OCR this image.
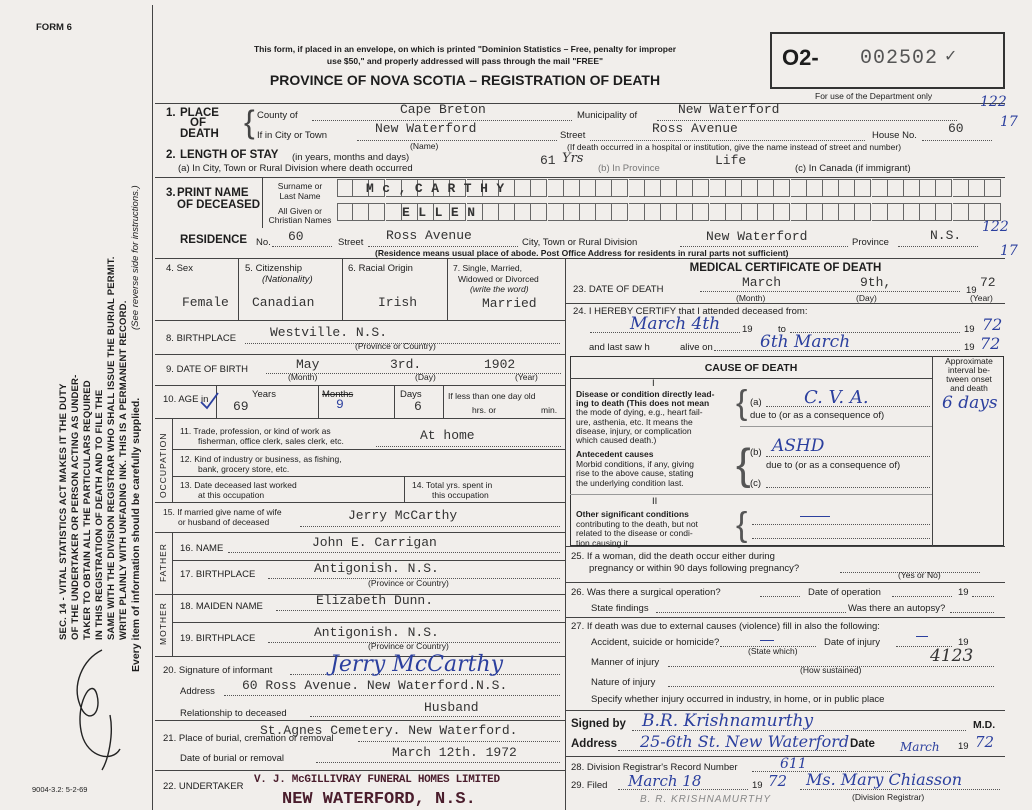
FORM 6
SEC. 14 - VITAL STATISTICS ACT MAKES IT THE DUTY OF THE UNDERTAKER OR PERSON ACTING AS UNDER- TAKER TO OBTAIN ALL THE PARTICULARS REQUIRED IN THIS REGISTRATION OF DEATH AND TO FILE THE SAME WITH THE DIVISION REGISTRAR WHO SHALL ISSUE THE BURIAL PERMIT. WRITE PLAINLY WITH UNFADING INK. THIS IS A PERMANENT RECORD. Every item of information should be carefully supplied.
(See reverse side for instructions.)
9004-3.2: 5-2-69
This form, if placed in an envelope, on which is printed "Dominion Statistics – Free, penalty for improper
use $50," and properly addressed will pass through the mail "FREE"
PROVINCE OF NOVA SCOTIA – REGISTRATION OF DEATH
O2- 002502 ✓
For use of the Department only
1. PLACE
OF
DEATH { County of	Cape Breton	Municipality of	New Waterford
If in City or Town	New Waterford	Street	Ross Avenue	House No. 60
(Name)	(If death occurred in a hospital or institution, give the name instead of street and number)
122
17
2. LENGTH OF STAY (in years, months and days)
(a) In City, Town or Rural Division where death occurred
61 Yrs
(b) In Province
Life
(c) In Canada (if immigrant)
3. PRINT NAME
OF DECEASED
Surname or
Last Name
All Given or
Christian Names
Mc,CARTHY
ELLEN
RESIDENCE No. 60	Street Ross Avenue	City, Town or Rural Division	New Waterford	Province	N.S.
122
17
(Residence means usual place of abode. Post Office Address for residents in rural parts not sufficient)
4. Sex
Female
5. Citizenship
(Nationality)
Canadian
6. Racial Origin
Irish
7. Single, Married,
Widowed or Divorced
(write the word)
Married
8. BIRTHPLACE	Westville. N.S.
(Province or Country)
9. DATE OF BIRTH	May	3rd.	1902
(Month)	(Day)	(Year)
10. AGE in	Years
69
Months
9
Days
6
If less than one day old
hrs. or	min.
OCCUPATION
11. Trade, profession, or kind of work as
fisherman, office clerk, sales clerk, etc.	At home
12. Kind of industry or business, as fishing,
bank, grocery store, etc.
13. Date deceased last worked
at this occupation
14. Total yrs. spent in
this occupation
15. If married give name of wife
or husband of deceased	Jerry McCarthy
FATHER 16. NAME	John E. Carrigan
17. BIRTHPLACE	Antigonish. N.S.
(Province or Country)
MOTHER 18. MAIDEN NAME	Elizabeth Dunn.
19. BIRTHPLACE	Antigonish. N.S.
(Province or Country)
20. Signature of informant	Jerry McCarthy
Address 60 Ross Avenue. New Waterford.N.S.
Relationship to deceased	Husband
21. Place of burial, cremation or removal
St.Agnes Cemetery. New Waterford.
Date of burial or removal	March 12th. 1972
22. UNDERTAKER
V. J. McGILLIVRAY FUNERAL HOMES LIMITED
NEW WATERFORD, N.S.
MEDICAL CERTIFICATE OF DEATH
23. DATE OF DEATH	March	9th,
19
72
(Month)	(Day)	(Year)
24. I HEREBY CERTIFY that I attended deceased from:
March 4th 19	to	19 72
and last saw h	alive on	6th March	19 72
CAUSE OF DEATH
Approximate
interval be-
tween onset
and death
I
Disease or condition directly lead-
ing to death (This does not mean
the mode of dying, e.g., heart fail-
ure, asthenia, etc. It means the
disease, injury, or complication
which caused death.)
{ (a) C. V. A.	6 days
due to (or as a consequence of)
Antecedent causes
Morbid conditions, if any, giving
rise to the above cause, stating
the underlying condition last. { (b) ASHD
due to (or as a consequence of)
(c)
II
Other significant conditions
contributing to the death, but not
related to the disease or condi-
tion causing it.	{
25. If a woman, did the death occur either during
pregnancy or within 90 days following pregnancy?
(Yes or No)
26. Was there a surgical operation?	Date of operation	19
State findings	Was there an autopsy?
27. If death was due to external causes (violence) fill in also the following:
Accident, suicide or homicide?	Date of injury	19
(State which)
Manner of injury	4123
(How sustained)
Nature of injury
Specify whether injury occurred in industry, in home, or in public place
Signed by B.R. Krishnamurthy	M.D.
Address 25-6th St. New Waterford Date March 19 72
28. Division Registrar's Record Number	611
29. Filed March 18	19 72 Ms. Mary Chiasson
(Division Registrar)
B. R. KRISHNAMURTHY
